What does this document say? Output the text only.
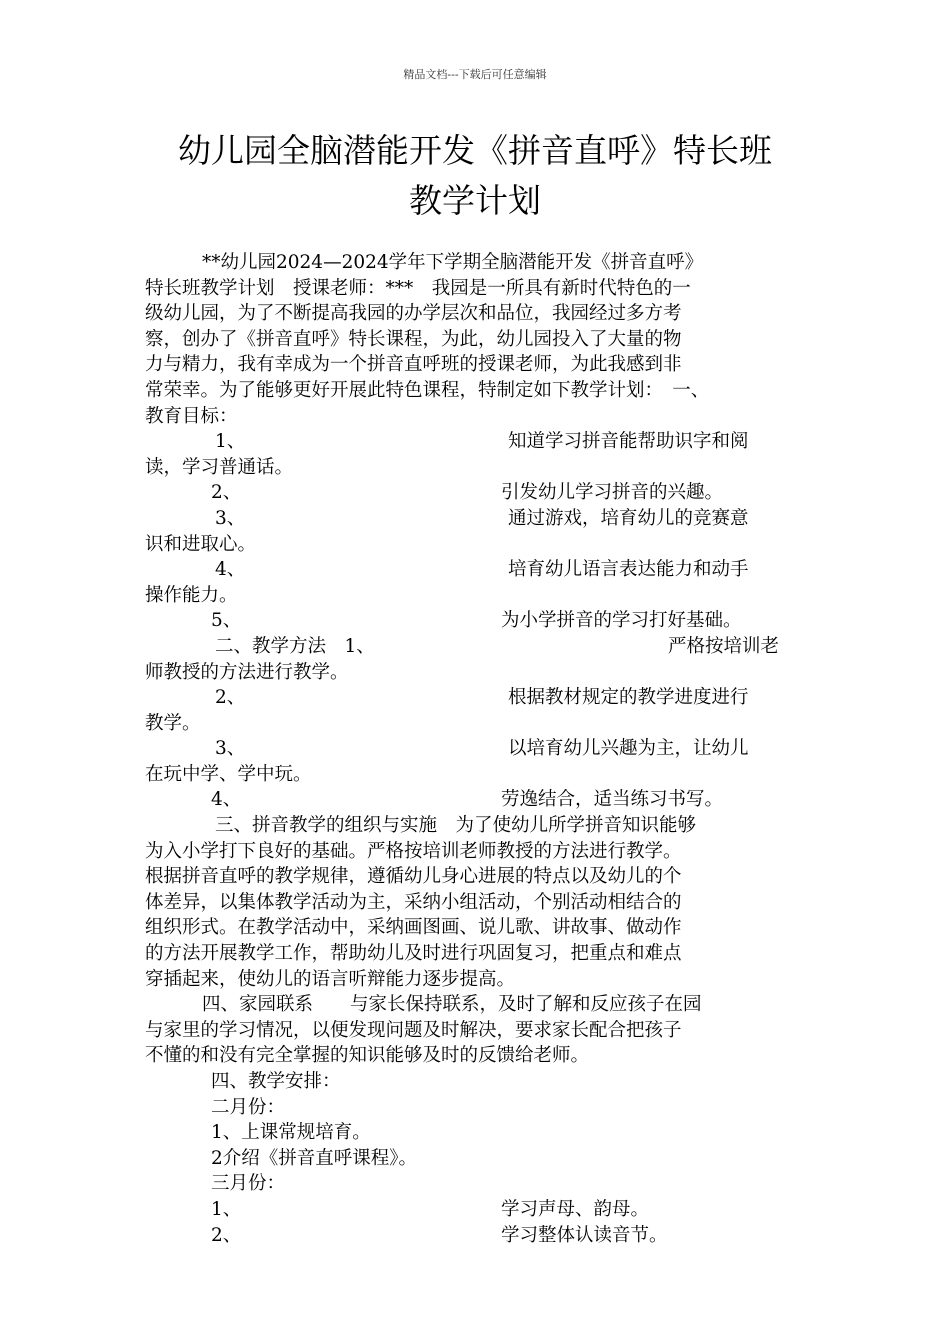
精品文档---下载后可任意编辑
幼儿园全脑潜能开发《拼音直呼》特长班
教学计划
**幼儿园2024—2024学年下学期全脑潜能开发《拼音直呼》
特长班教学计划　授课老师：***　我园是一所具有新时代特色的一
级幼儿园，为了不断提高我园的办学层次和品位，我园经过多方考
察，创办了《拼音直呼》特长课程，为此，幼儿园投入了大量的物
力与精力，我有幸成为一个拼音直呼班的授课老师，为此我感到非
常荣幸。为了能够更好开展此特色课程，特制定如下教学计划：　一、
教育目标：
1、	知道学习拼音能帮助识字和阅
读，学习普通话。
2、	引发幼儿学习拼音的兴趣。
3、	通过游戏，培育幼儿的竞赛意
识和进取心。
4、	培育幼儿语言表达能力和动手
操作能力。
5、	为小学拼音的学习打好基础。
二、教学方法　1、	严格按培训老
师教授的方法进行教学。
2、	根据教材规定的教学进度进行
教学。
3、	以培育幼儿兴趣为主，让幼儿
在玩中学、学中玩。
4、	劳逸结合，适当练习书写。
三、拼音教学的组织与实施　为了使幼儿所学拼音知识能够
为入小学打下良好的基础。严格按培训老师教授的方法进行教学。
根据拼音直呼的教学规律，遵循幼儿身心进展的特点以及幼儿的个
体差异，以集体教学活动为主，采纳小组活动，个别活动相结合的
组织形式。在教学活动中，采纳画图画、说儿歌、讲故事、做动作
的方法开展教学工作，帮助幼儿及时进行巩固复习，把重点和难点
穿插起来，使幼儿的语言听辩能力逐步提高。
四、家园联系　　与家长保持联系，及时了解和反应孩子在园
与家里的学习情况，以便发现问题及时解决，要求家长配合把孩子
不懂的和没有完全掌握的知识能够及时的反馈给老师。
四、教学安排：
二月份：
1、上课常规培育。
2介绍《拼音直呼课程》。
三月份：
1、	学习声母、韵母。
2、	学习整体认读音节。
